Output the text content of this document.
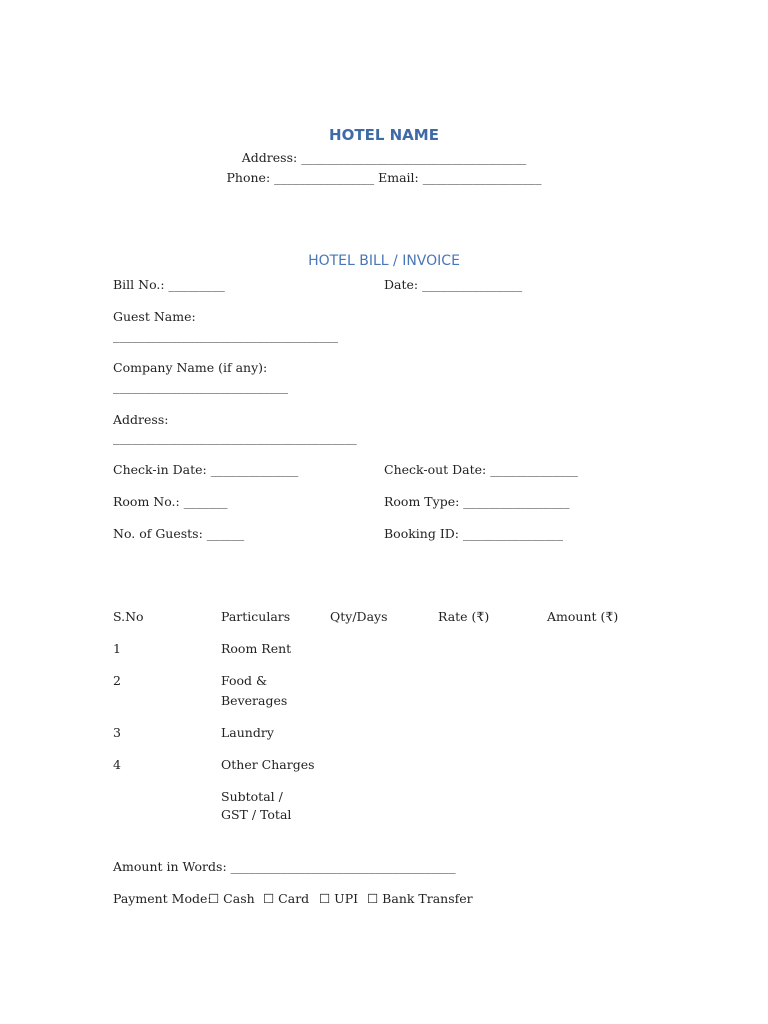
HOTEL NAME
Address: ____________________________________
Phone: ________________ Email: ___________________
HOTEL BILL / INVOICE
Bill No.: _________	Date: ________________
Guest Name:
____________________________________
Company Name (if any):
____________________________
Address:
_______________________________________
Check-in Date: ______________	Check-out Date: ______________
Room No.: _______	Room Type: _________________
No. of Guests: ______	Booking ID: ________________
S.No	Particulars	Qty/Days	Rate (₹)	Amount (₹)
1	Room Rent
2	Food &
Beverages
3	Laundry
4	Other Charges
Subtotal /
GST / Total
Amount in Words: ____________________________________
Payment Mode:
☐ Cash ☐ Card ☐ UPI ☐ Bank Transfer
